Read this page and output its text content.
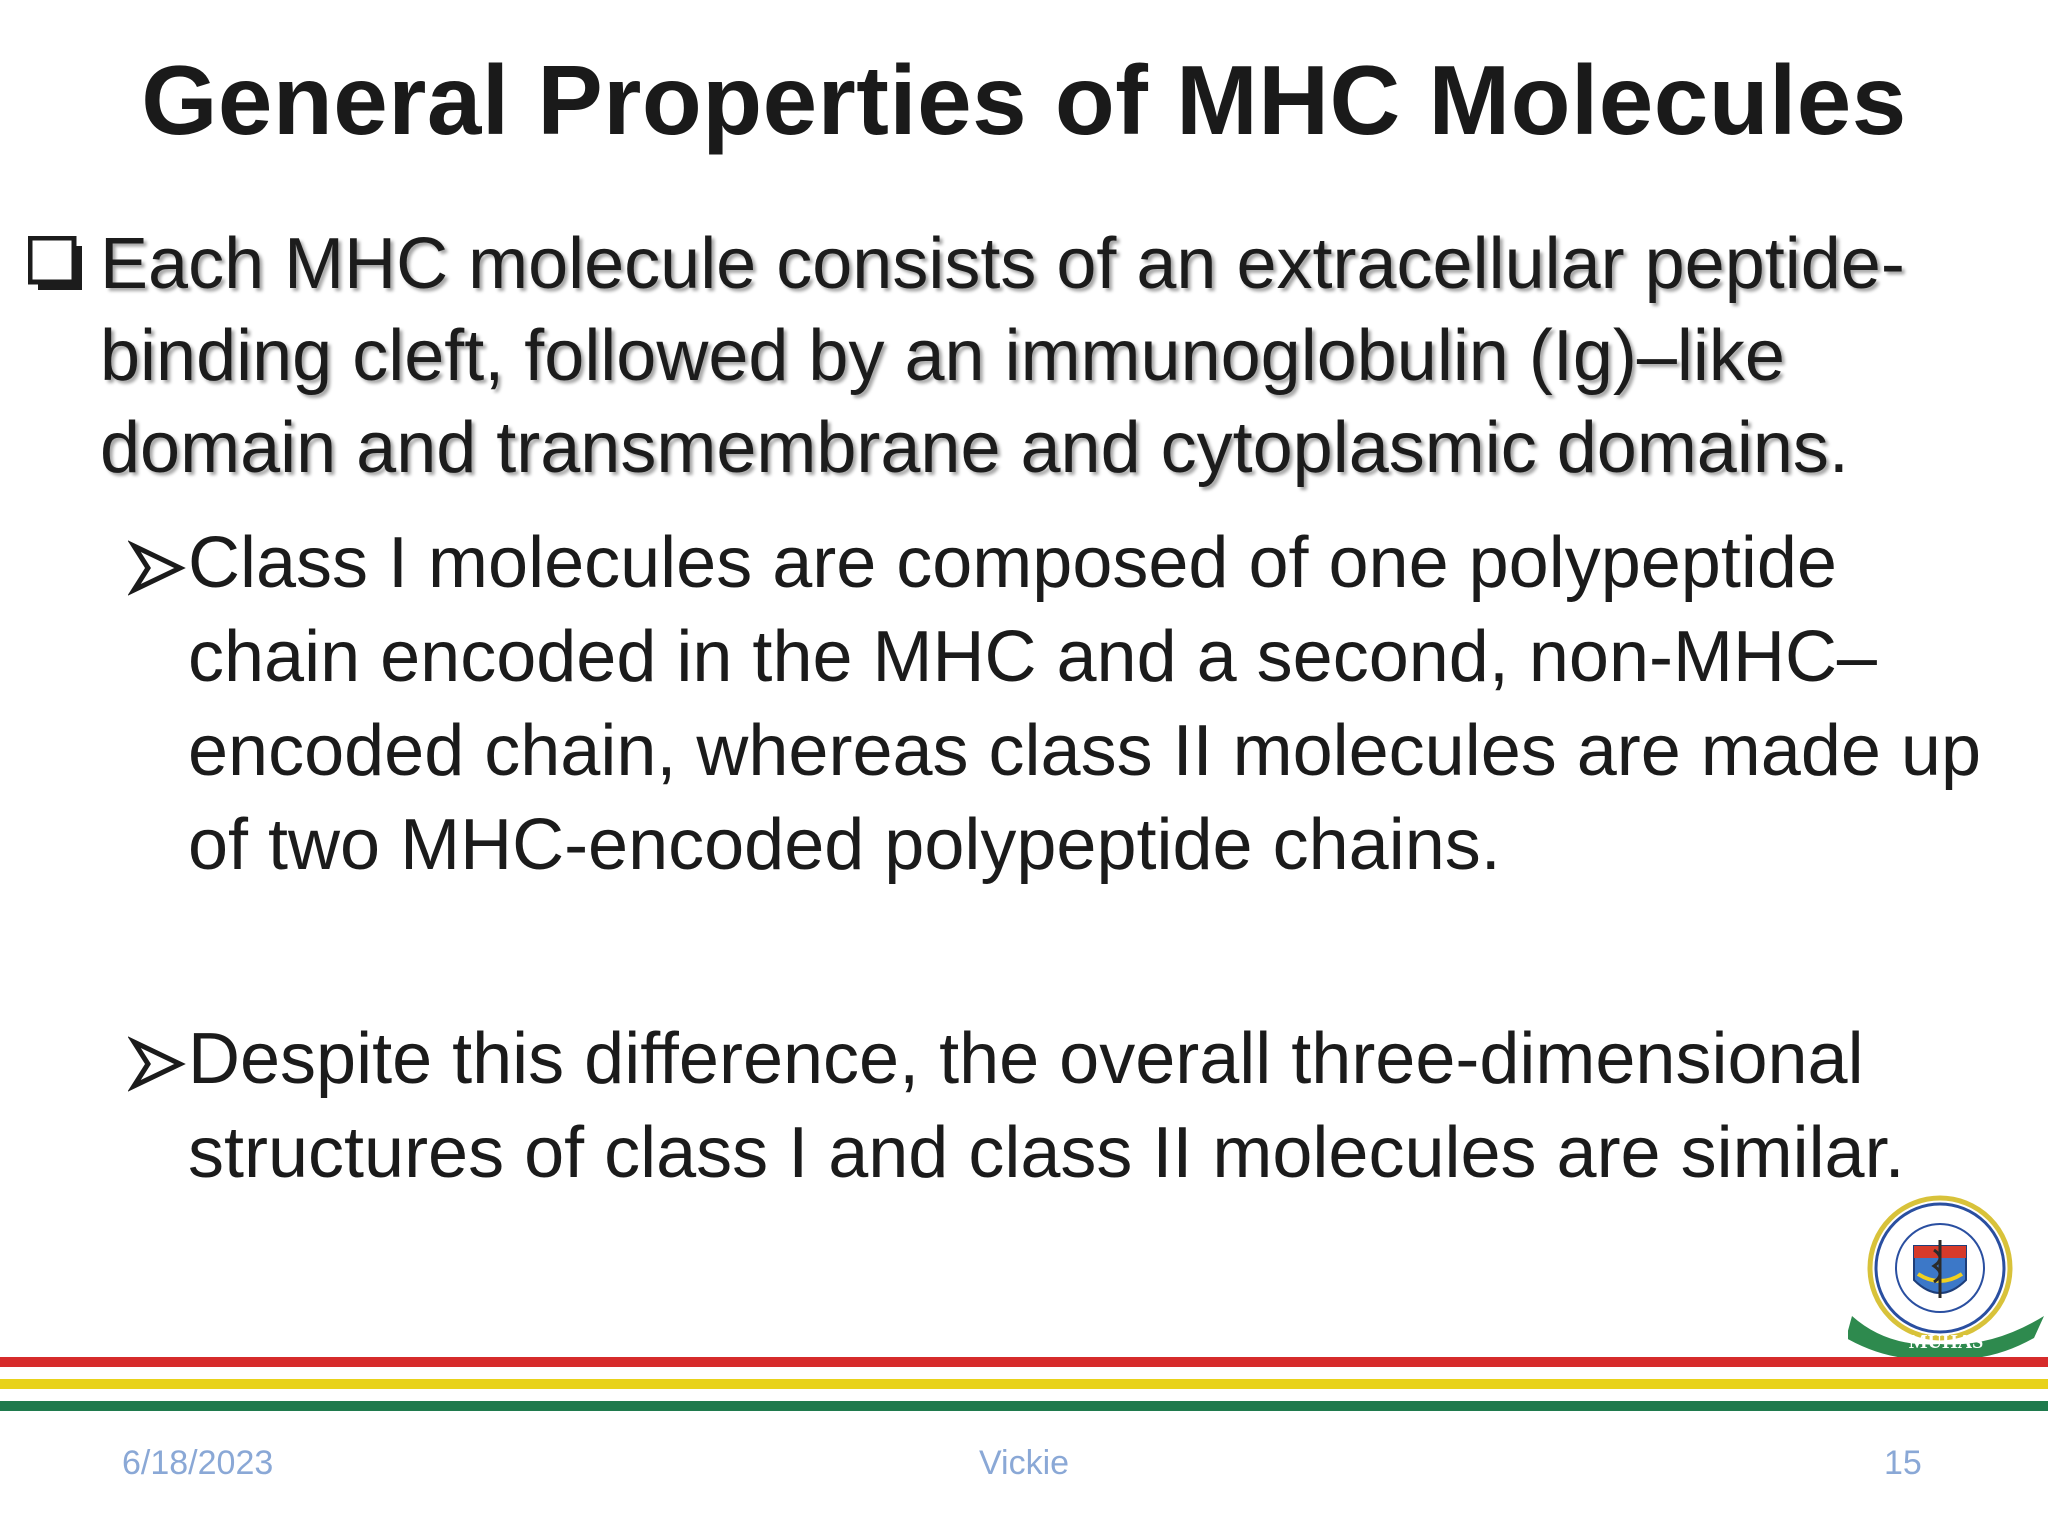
General Properties of MHC Molecules
Each MHC molecule consists of an extracellular peptide-binding cleft, followed by an immunoglobulin (Ig)–like domain and transmembrane and cytoplasmic domains.
Class I molecules are composed of one polypeptide chain encoded in the MHC and a second, non-MHC–encoded chain, whereas class II molecules are made up of two MHC-encoded polypeptide chains.
Despite this difference, the overall three-dimensional structures of class I and class II molecules are similar.
MUHAS
6/18/2023	Vickie	15
